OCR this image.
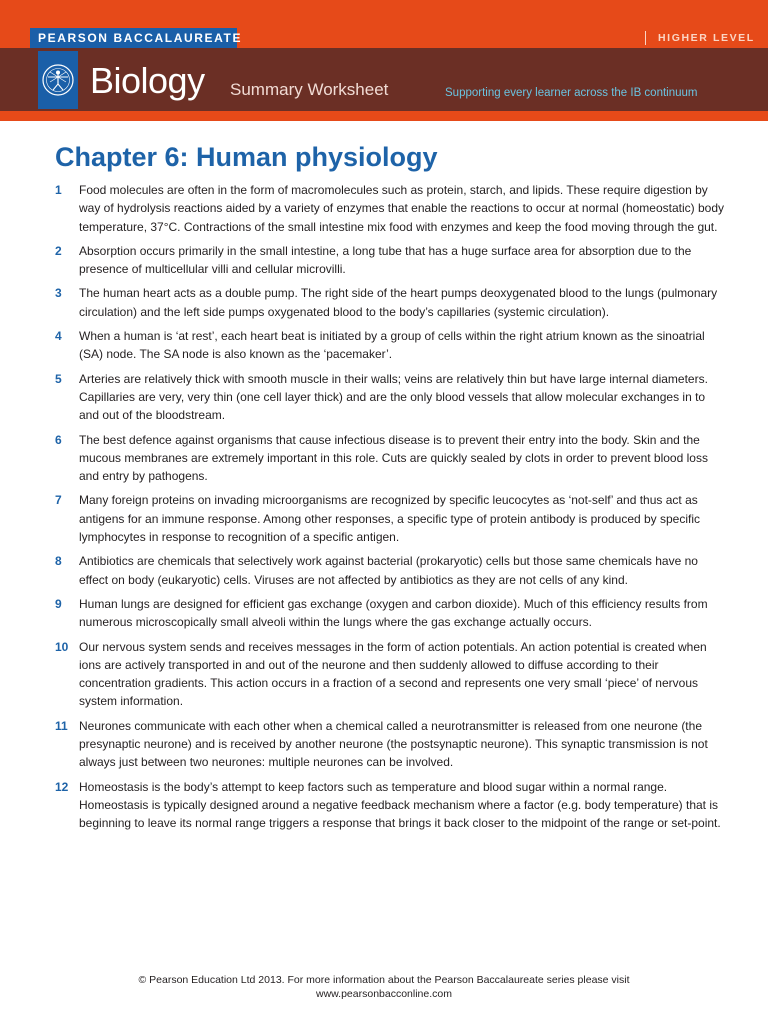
PEARSON BACCALAUREATE	HIGHER LEVEL
Biology Summary Worksheet	Supporting every learner across the IB continuum
Chapter 6: Human physiology
1 Food molecules are often in the form of macromolecules such as protein, starch, and lipids. These require digestion by way of hydrolysis reactions aided by a variety of enzymes that enable the reactions to occur at normal (homeostatic) body temperature, 37°C. Contractions of the small intestine mix food with enzymes and keep the food moving through the gut.
2 Absorption occurs primarily in the small intestine, a long tube that has a huge surface area for absorption due to the presence of multicellular villi and cellular microvilli.
3 The human heart acts as a double pump. The right side of the heart pumps deoxygenated blood to the lungs (pulmonary circulation) and the left side pumps oxygenated blood to the body’s capillaries (systemic circulation).
4 When a human is ‘at rest’, each heart beat is initiated by a group of cells within the right atrium known as the sinoatrial (SA) node. The SA node is also known as the ‘pacemaker’.
5 Arteries are relatively thick with smooth muscle in their walls; veins are relatively thin but have large internal diameters. Capillaries are very, very thin (one cell layer thick) and are the only blood vessels that allow molecular exchanges in to and out of the bloodstream.
6 The best defence against organisms that cause infectious disease is to prevent their entry into the body. Skin and the mucous membranes are extremely important in this role. Cuts are quickly sealed by clots in order to prevent blood loss and entry by pathogens.
7 Many foreign proteins on invading microorganisms are recognized by specific leucocytes as ‘not-self’ and thus act as antigens for an immune response. Among other responses, a specific type of protein antibody is produced by specific lymphocytes in response to recognition of a specific antigen.
8 Antibiotics are chemicals that selectively work against bacterial (prokaryotic) cells but those same chemicals have no effect on body (eukaryotic) cells. Viruses are not affected by antibiotics as they are not cells of any kind.
9 Human lungs are designed for efficient gas exchange (oxygen and carbon dioxide). Much of this efficiency results from numerous microscopically small alveoli within the lungs where the gas exchange actually occurs.
10 Our nervous system sends and receives messages in the form of action potentials. An action potential is created when ions are actively transported in and out of the neurone and then suddenly allowed to diffuse according to their concentration gradients. This action occurs in a fraction of a second and represents one very small ‘piece’ of nervous system information.
11 Neurones communicate with each other when a chemical called a neurotransmitter is released from one neurone (the presynaptic neurone) and is received by another neurone (the postsynaptic neurone). This synaptic transmission is not always just between two neurones: multiple neurones can be involved.
12 Homeostasis is the body’s attempt to keep factors such as temperature and blood sugar within a normal range. Homeostasis is typically designed around a negative feedback mechanism where a factor (e.g. body temperature) that is beginning to leave its normal range triggers a response that brings it back closer to the midpoint of the range or set-point.
© Pearson Education Ltd 2013. For more information about the Pearson Baccalaureate series please visit
www.pearsonbacconline.com
